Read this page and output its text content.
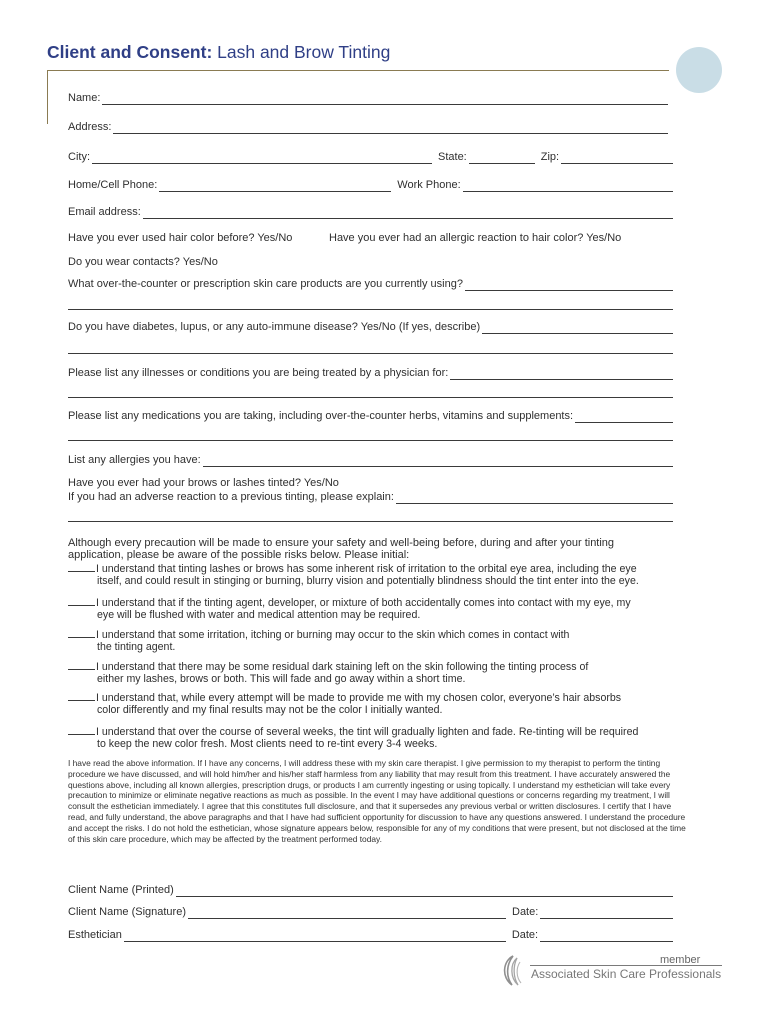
Client and Consent: Lash and Brow Tinting
Name:
Address:
City:	State:	Zip:
Home/Cell Phone:	Work Phone:
Email address:
Have you ever used hair color before? Yes/No	Have you ever had an allergic reaction to hair color? Yes/No
Do you wear contacts? Yes/No
What over-the-counter or prescription skin care products are you currently using?
Do you have diabetes, lupus, or any auto-immune disease? Yes/No (If yes, describe)
Please list any illnesses or conditions you are being treated by a physician for:
Please list any medications you are taking, including over-the-counter herbs, vitamins and supplements:
List any allergies you have:
Have you ever had your brows or lashes tinted? Yes/No
If you had an adverse reaction to a previous tinting, please explain:
Although every precaution will be made to ensure your safety and well-being before, during and after your tinting
application, please be aware of the possible risks below. Please initial:
I understand that tinting lashes or brows has some inherent risk of irritation to the orbital eye area, including the eye
itself, and could result in stinging or burning, blurry vision and potentially blindness should the tint enter into the eye.
I understand that if the tinting agent, developer, or mixture of both accidentally comes into contact with my eye, my
eye will be flushed with water and medical attention may be required.
I understand that some irritation, itching or burning may occur to the skin which comes in contact with
the tinting agent.
I understand that there may be some residual dark staining left on the skin following the tinting process of
either my lashes, brows or both. This will fade and go away within a short time.
I understand that, while every attempt will be made to provide me with my chosen color, everyone’s hair absorbs
color differently and my final results may not be the color I initially wanted.
I understand that over the course of several weeks, the tint will gradually lighten and fade. Re-tinting will be required
to keep the new color fresh. Most clients need to re-tint every 3-4 weeks.
I have read the above information. If I have any concerns, I will address these with my skin care therapist. I give permission to my therapist to perform the tinting procedure we have discussed, and will hold him/her and his/her staff harmless from any liability that may result from this treatment. I have accurately answered the questions above, including all known allergies, prescription drugs, or products I am currently ingesting or using topically. I understand my esthetician will take every precaution to minimize or eliminate negative reactions as much as possible. In the event I may have additional questions or concerns regarding my treatment, I will consult the esthetician immediately. I agree that this constitutes full disclosure, and that it supersedes any previous verbal or written disclosures. I certify that I have read, and fully understand, the above paragraphs and that I have had sufficient opportunity for discussion to have any questions answered. I understand the procedure and accept the risks. I do not hold the esthetician, whose signature appears below, responsible for any of my conditions that were present, but not disclosed at the time of this skin care procedure, which may be affected by the treatment performed today.
Client Name (Printed)
Client Name (Signature)	Date:
Esthetician	Date:
member
Associated Skin Care Professionals
